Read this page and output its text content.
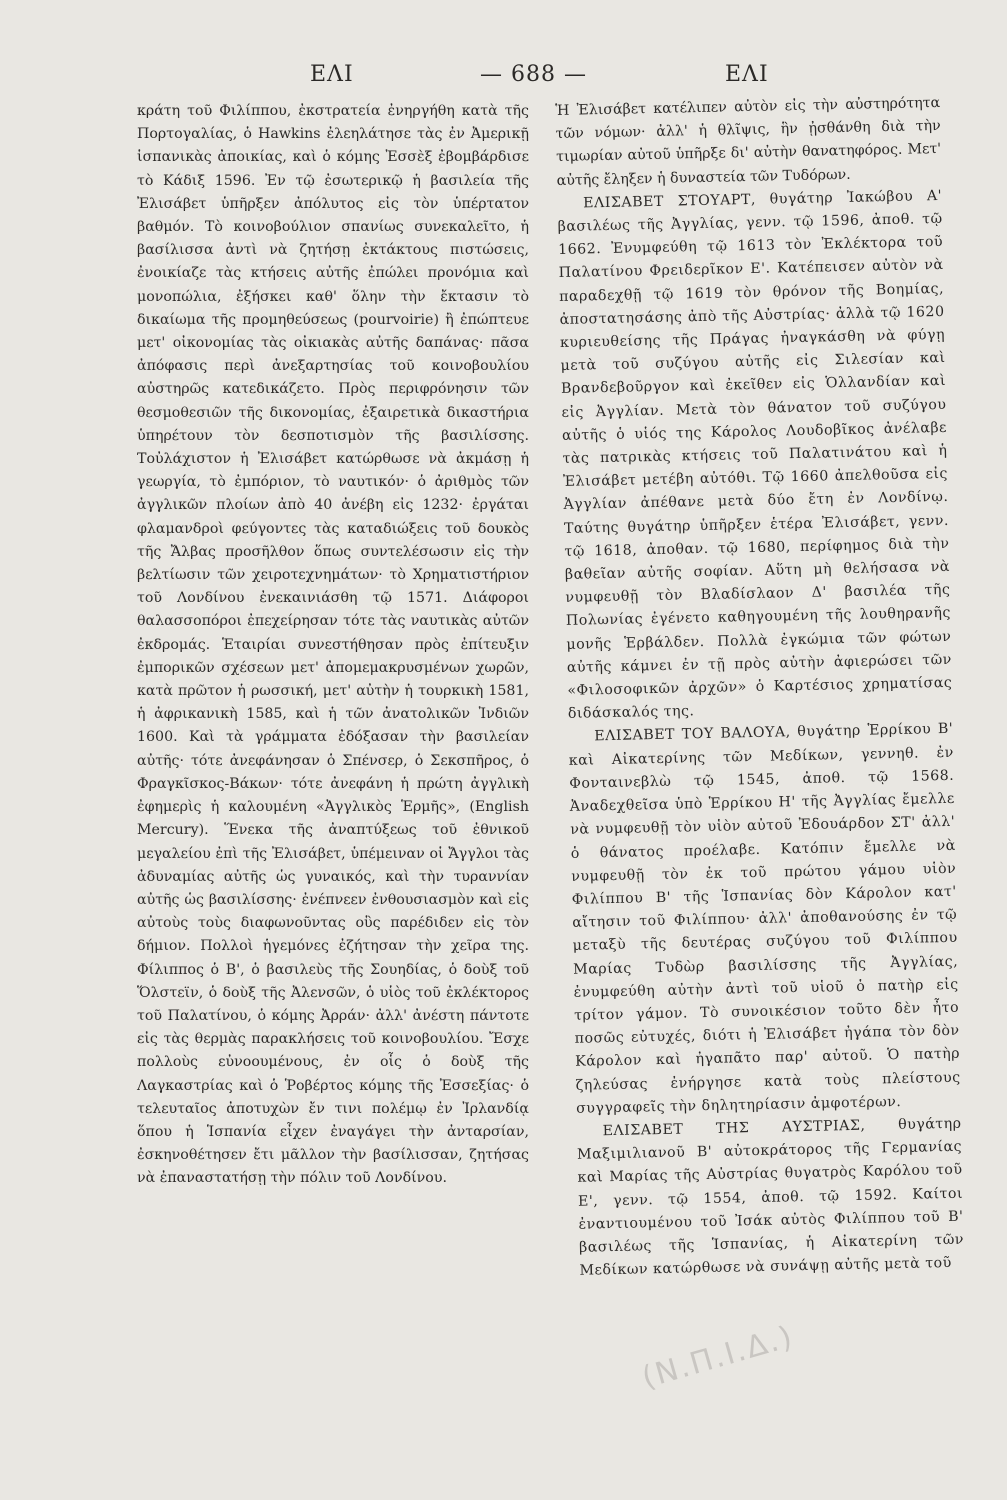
ΕΛΙ	— 688 —	ΕΛΙ

κράτη τοῦ Φιλίππου, ἐκστρατεία ἐνηργήθη κατὰ τῆς Πορτογαλίας, ὁ Hawkins ἐλεηλάτησε τὰς ἐν Ἀμερικῇ ἱσπανικὰς ἀποικίας, καὶ ὁ κόμης Ἐσσὲξ ἐβομβάρδισε τὸ Κάδιξ 1596. Ἐν τῷ ἐσωτερικῷ ἡ βασιλεία τῆς Ἐλισάβετ ὑπῆρξεν ἀπόλυτος εἰς τὸν ὑπέρτατον βαθμόν. Τὸ κοινοβούλιον σπανίως συνεκαλεῖτο, ἡ βασίλισσα ἀντὶ νὰ ζητήσῃ ἐκτάκτους πιστώσεις, ἐνοικίαζε τὰς κτήσεις αὐτῆς ἐπώλει προνόμια καὶ μονοπώλια, ἐξήσκει καθ' ὅλην τὴν ἔκτασιν τὸ δικαίωμα τῆς προμηθεύσεως (pourvoirie) ἢ ἐπώπτευε μετ' οἰκονομίας τὰς οἰκιακὰς αὐτῆς δαπάνας· πᾶσα ἀπόφασις περὶ ἀνεξαρτησίας τοῦ κοινοβουλίου αὐστηρῶς κατεδικάζετο. Πρὸς περιφρόνησιν τῶν θεσμοθεσιῶν τῆς δικονομίας, ἐξαιρετικὰ δικαστήρια ὑπηρέτουν τὸν δεσποτισμὸν τῆς βασιλίσσης. Τοὐλάχιστον ἡ Ἐλισάβετ κατώρθωσε νὰ ἀκμάσῃ ἡ γεωργία, τὸ ἐμπόριον, τὸ ναυτικόν· ὁ ἀριθμὸς τῶν ἀγγλικῶν πλοίων ἀπὸ 40 ἀνέβη εἰς 1232· ἐργάται φλαμανδροὶ φεύγοντες τὰς καταδιώξεις τοῦ δουκὸς τῆς Ἄλβας προσῆλθον ὅπως συντελέσωσιν εἰς τὴν βελτίωσιν τῶν χειροτεχνημάτων· τὸ Χρηματιστήριον τοῦ Λονδίνου ἐνεκαινιάσθη τῷ 1571. Διάφοροι θαλασσοπόροι ἐπεχείρησαν τότε τὰς ναυτικὰς αὐτῶν ἐκδρομάς. Ἑταιρίαι συνεστήθησαν πρὸς ἐπίτευξιν ἐμπορικῶν σχέσεων μετ' ἀπομεμακρυσμένων χωρῶν, κατὰ πρῶτον ἡ ρωσσική, μετ' αὐτὴν ἡ τουρκικὴ 1581, ἡ ἀφρικανικὴ 1585, καὶ ἡ τῶν ἀνατολικῶν Ἰνδιῶν 1600. Καὶ τὰ γράμματα ἐδόξασαν τὴν βασιλείαν αὐτῆς· τότε ἀνεφάνησαν ὁ Σπένσερ, ὁ Σεκσπῆρος, ὁ Φραγκῖσκος-Βάκων· τότε ἀνεφάνη ἡ πρώτη ἀγγλικὴ ἐφημερὶς ἡ καλουμένη «Ἀγγλικὸς Ἑρμῆς», (English Mercury). Ἕνεκα τῆς ἀναπτύξεως τοῦ ἐθνικοῦ μεγαλείου ἐπὶ τῆς Ἐλισάβετ, ὑπέμειναν οἱ Ἄγγλοι τὰς ἀδυναμίας αὐτῆς ὡς γυναικός, καὶ τὴν τυραννίαν αὐτῆς ὡς βασιλίσσης· ἐνέπνεεν ἐνθουσιασμὸν καὶ εἰς αὐτοὺς τοὺς διαφωνοῦντας οὓς παρέδιδεν εἰς τὸν δήμιον. Πολλοὶ ἡγεμόνες ἐζήτησαν τὴν χεῖρα της. Φίλιππος ὁ Β', ὁ βασιλεὺς τῆς Σουηδίας, ὁ δοὺξ τοῦ Ὅλστεϊν, ὁ δοὺξ τῆς Ἀλενσῶν, ὁ υἱὸς τοῦ ἐκλέκτορος τοῦ Παλατίνου, ὁ κόμης Ἀρράν· ἀλλ' ἀνέστη πάντοτε εἰς τὰς θερμὰς παρακλήσεις τοῦ κοινοβουλίου. Ἔσχε πολλοὺς εὐνοουμένους, ἐν οἷς ὁ δοὺξ τῆς Λαγκαστρίας καὶ ὁ Ῥοβέρτος κόμης τῆς Ἐσσεξίας· ὁ τελευταῖος ἀποτυχὼν ἔν τινι πολέμῳ ἐν Ἰρλανδίᾳ ὅπου ἡ Ἱσπανία εἶχεν ἐναγάγει τὴν ἀνταρσίαν, ἐσκηνοθέτησεν ἔτι μᾶλλον τὴν βασίλισσαν, ζητήσας νὰ ἐπαναστατήσῃ τὴν πόλιν τοῦ Λονδίνου.

Ἡ Ἐλισάβετ κατέλιπεν αὐτὸν εἰς τὴν αὐστηρότητα τῶν νόμων· ἀλλ' ἡ θλῖψις, ἣν ᾐσθάνθη διὰ τὴν τιμωρίαν αὐτοῦ ὑπῆρξε δι' αὐτὴν θανατηφόρος. Μετ' αὐτῆς ἔληξεν ἡ δυναστεία τῶν Τυδόρων.

ΕΛΙΣΑΒΕΤ ΣΤΟΥΑΡΤ, θυγάτηρ Ἰακώβου Α' βασιλέως τῆς Ἀγγλίας, γενν. τῷ 1596, ἀποθ. τῷ 1662. Ἐνυμφεύθη τῷ 1613 τὸν Ἐκλέκτορα τοῦ Παλατίνου Φρειδερῖκον Ε'. Κατέπεισεν αὐτὸν νὰ παραδεχθῇ τῷ 1619 τὸν θρόνον τῆς Βοημίας, ἀποστατησάσης ἀπὸ τῆς Αὐστρίας· ἀλλὰ τῷ 1620 κυριευθείσης τῆς Πράγας ἠναγκάσθη νὰ φύγῃ μετὰ τοῦ συζύγου αὐτῆς εἰς Σιλεσίαν καὶ Βρανδεβοῦργον καὶ ἐκεῖθεν εἰς Ὁλλανδίαν καὶ εἰς Ἀγγλίαν. Μετὰ τὸν θάνατον τοῦ συζύγου αὐτῆς ὁ υἱός της Κάρολος Λουδοβῖκος ἀνέλαβε τὰς πατρικὰς κτήσεις τοῦ Παλατινάτου καὶ ἡ Ἐλισάβετ μετέβη αὐτόθι. Τῷ 1660 ἀπελθοῦσα εἰς Ἀγγλίαν ἀπέθανε μετὰ δύο ἔτη ἐν Λονδίνῳ. Ταύτης θυγάτηρ ὑπῆρξεν ἑτέρα Ἐλισάβετ, γενν. τῷ 1618, ἀποθαν. τῷ 1680, περίφημος διὰ τὴν βαθεῖαν αὐτῆς σοφίαν. Αὕτη μὴ θελήσασα νὰ νυμφευθῇ τὸν Βλαδίσλαον Δ' βασιλέα τῆς Πολωνίας ἐγένετο καθηγουμένη τῆς λουθηρανῆς μονῆς Ἑρβάλδεν. Πολλὰ ἐγκώμια τῶν φώτων αὐτῆς κάμνει ἐν τῇ πρὸς αὐτὴν ἀφιερώσει τῶν «Φιλοσοφικῶν ἀρχῶν» ὁ Καρτέσιος χρηματίσας διδάσκαλός της.

ΕΛΙΣΑΒΕΤ ΤΟΥ ΒΑΛΟΥΑ, θυγάτηρ Ἑρρίκου Β' καὶ Αἰκατερίνης τῶν Μεδίκων, γεννηθ. ἐν Φονταινεβλὼ τῷ 1545, ἀποθ. τῷ 1568. Ἀναδεχθεῖσα ὑπὸ Ἑρρίκου Η' τῆς Ἀγγλίας ἔμελλε νὰ νυμφευθῇ τὸν υἱὸν αὐτοῦ Ἐδουάρδον ΣΤ' ἀλλ' ὁ θάνατος προέλαβε. Κατόπιν ἔμελλε νὰ νυμφευθῇ τὸν ἐκ τοῦ πρώτου γάμου υἱὸν Φιλίππου Β' τῆς Ἱσπανίας δὸν Κάρολον κατ' αἴτησιν τοῦ Φιλίππου· ἀλλ' ἀποθανούσης ἐν τῷ μεταξὺ τῆς δευτέρας συζύγου τοῦ Φιλίππου Μαρίας Τυδὼρ βασιλίσσης τῆς Ἀγγλίας, ἐνυμφεύθη αὐτὴν ἀντὶ τοῦ υἱοῦ ὁ πατὴρ εἰς τρίτον γάμον. Τὸ συνοικέσιον τοῦτο δὲν ἦτο ποσῶς εὐτυχές, διότι ἡ Ἐλισάβετ ἠγάπα τὸν δὸν Κάρολον καὶ ἠγαπᾶτο παρ' αὐτοῦ. Ὁ πατὴρ ζηλεύσας ἐνήργησε κατὰ τοὺς πλείστους συγγραφεῖς τὴν δηλητηρίασιν ἀμφοτέρων.

ΕΛΙΣΑΒΕΤ ΤΗΣ ΑΥΣΤΡΙΑΣ, θυγάτηρ Μαξιμιλιανοῦ Β' αὐτοκράτορος τῆς Γερμανίας καὶ Μαρίας τῆς Αὐστρίας θυγατρὸς Καρόλου τοῦ Ε', γενν. τῷ 1554, ἀποθ. τῷ 1592. Καίτοι ἐναντιουμένου τοῦ Ἰσάκ αὐτὸς Φιλίππου τοῦ Β' βασιλέως τῆς Ἱσπανίας, ἡ Αἰκατερίνη τῶν Μεδίκων κατώρθωσε νὰ συνάψῃ αὐτῆς μετὰ τοῦ

(Ν.Π.Ι.Δ.)
